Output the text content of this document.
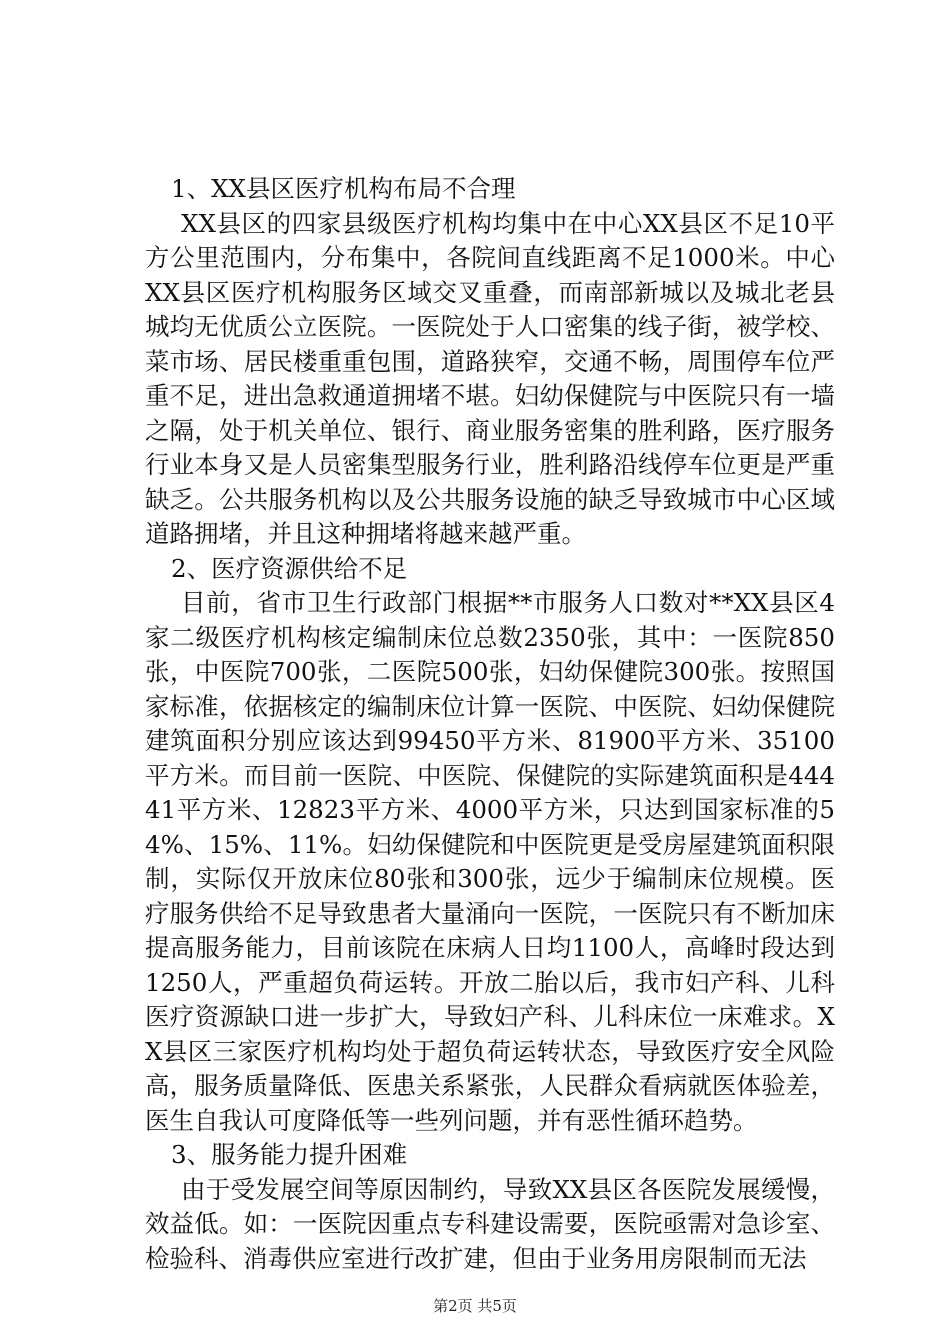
1、XX县区医疗机构布局不合理

XX县区的四家县级医疗机构均集中在中心XX县区不足10平方公里范围内，分布集中，各院间直线距离不足1000米。中心XX县区医疗机构服务区域交叉重叠，而南部新城以及城北老县城均无优质公立医院。一医院处于人口密集的线子街，被学校、菜市场、居民楼重重包围，道路狭窄，交通不畅，周围停车位严重不足，进出急救通道拥堵不堪。妇幼保健院与中医院只有一墙之隔，处于机关单位、银行、商业服务密集的胜利路，医疗服务行业本身又是人员密集型服务行业，胜利路沿线停车位更是严重缺乏。公共服务机构以及公共服务设施的缺乏导致城市中心区域道路拥堵，并且这种拥堵将越来越严重。

2、医疗资源供给不足

目前，省市卫生行政部门根据**市服务人口数对**XX县区4家二级医疗机构核定编制床位总数2350张，其中：一医院850张，中医院700张，二医院500张，妇幼保健院300张。按照国家标准，依据核定的编制床位计算一医院、中医院、妇幼保健院建筑面积分别应该达到99450平方米、81900平方米、35100平方米。而目前一医院、中医院、保健院的实际建筑面积是44441平方米、12823平方米、4000平方米，只达到国家标准的54%、15%、11%。妇幼保健院和中医院更是受房屋建筑面积限制，实际仅开放床位80张和300张，远少于编制床位规模。医疗服务供给不足导致患者大量涌向一医院，一医院只有不断加床提高服务能力，目前该院在床病人日均1100人，高峰时段达到1250人，严重超负荷运转。开放二胎以后，我市妇产科、儿科医疗资源缺口进一步扩大，导致妇产科、儿科床位一床难求。XX县区三家医疗机构均处于超负荷运转状态，导致医疗安全风险高，服务质量降低、医患关系紧张，人民群众看病就医体验差，医生自我认可度降低等一些列问题，并有恶性循环趋势。

3、服务能力提升困难

由于受发展空间等原因制约，导致XX县区各医院发展缓慢，效益低。如：一医院因重点专科建设需要，医院亟需对急诊室、检验科、消毒供应室进行改扩建，但由于业务用房限制而无法

第2页 共5页
